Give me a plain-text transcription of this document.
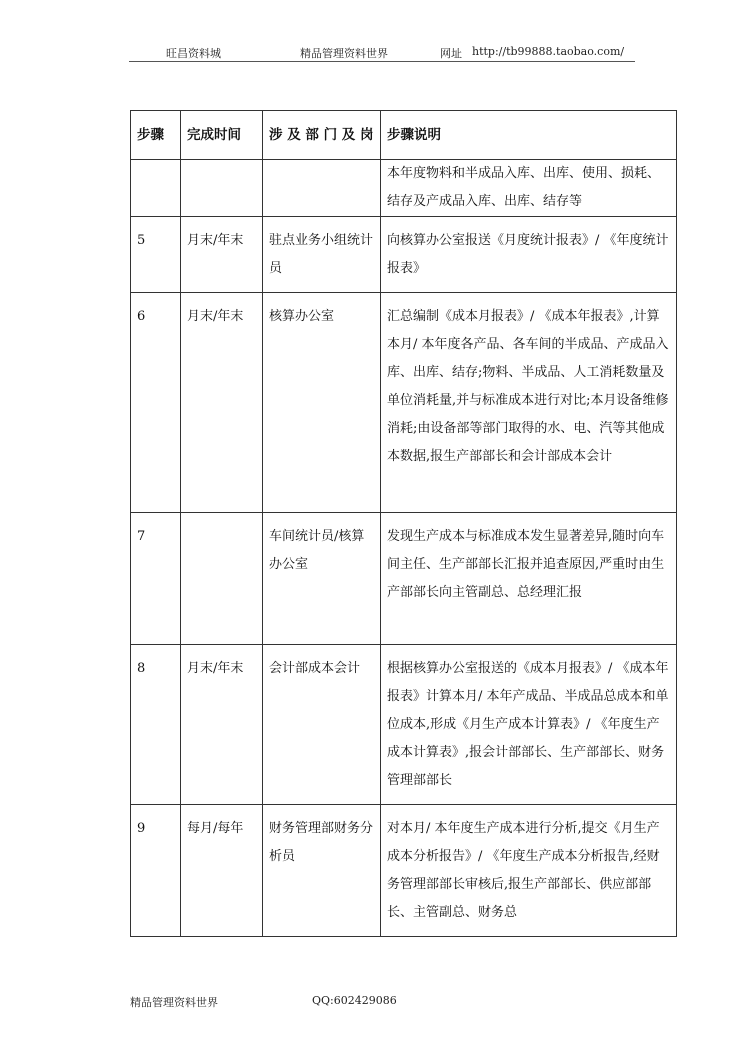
旺昌资料城	精品管理资料世界	网址 http://tb99888.taobao.com/
步骤	完成时间	涉 及 部 门 及 岗	步骤说明

			本年度物料和半成品入库、出库、使用、损耗、结存及产成品入库、出库、结存等

5	月末/年末	驻点业务小组统计员	向核算办公室报送《月度统计报表》/ 《年度统计报表》

6	月末/年末	核算办公室	汇总编制《成本月报表》/ 《成本年报表》,计算本月/ 本年度各产品、各车间的半成品、产成品入库、出库、结存;物料、半成品、人工消耗数量及单位消耗量,并与标准成本进行对比;本月设备维修消耗;由设备部等部门取得的水、电、汽等其他成本数据,报生产部部长和会计部成本会计

7		车间统计员/核算办公室	发现生产成本与标准成本发生显著差异,随时向车间主任、生产部部长汇报并追查原因,严重时由生产部部长向主管副总、总经理汇报

8	月末/年末	会计部成本会计	根据核算办公室报送的《成本月报表》/ 《成本年报表》计算本月/ 本年产成品、半成品总成本和单位成本,形成《月生产成本计算表》/ 《年度生产成本计算表》,报会计部部长、生产部部长、财务管理部部长

9	每月/每年	财务管理部财务分析员	对本月/ 本年度生产成本进行分析,提交《月生产成本分析报告》/ 《年度生产成本分析报告,经财务管理部部长审核后,报生产部部长、供应部部长、主管副总、财务总
精品管理资料世界	QQ:602429086
